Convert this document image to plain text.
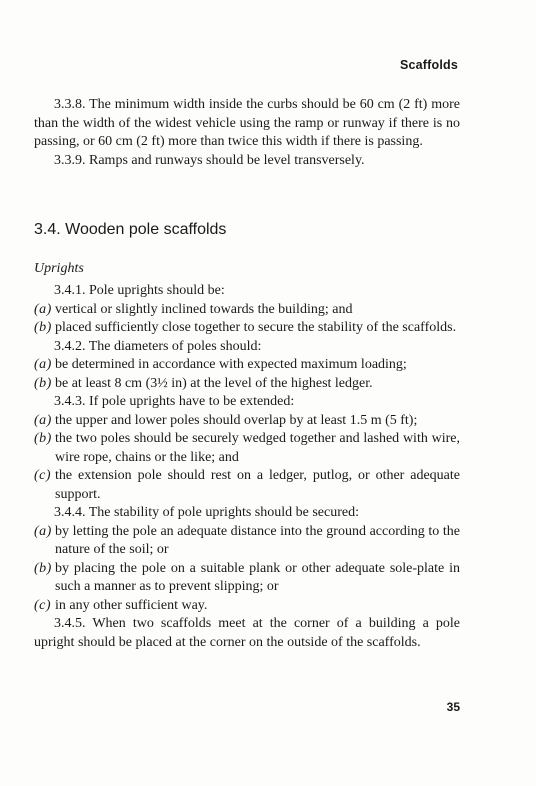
Scaffolds

3.3.8. The minimum width inside the curbs should be 60 cm (2 ft) more than the width of the widest vehicle using the ramp or runway if there is no passing, or 60 cm (2 ft) more than twice this width if there is passing.

3.3.9. Ramps and runways should be level transversely.

3.4. Wooden pole scaffolds
Uprights

3.4.1. Pole uprights should be:

(a) vertical or slightly inclined towards the building; and

(b) placed sufficiently close together to secure the stability of the scaffolds.

3.4.2. The diameters of poles should:

(a) be determined in accordance with expected maximum loading;

(b) be at least 8 cm (3½ in) at the level of the highest ledger.

3.4.3. If pole uprights have to be extended:

(a) the upper and lower poles should overlap by at least 1.5 m (5 ft);

(b) the two poles should be securely wedged together and lashed with wire, wire rope, chains or the like; and

(c) the extension pole should rest on a ledger, putlog, or other adequate support.

3.4.4. The stability of pole uprights should be secured:

(a) by letting the pole an adequate distance into the ground according to the nature of the soil; or

(b) by placing the pole on a suitable plank or other adequate sole-plate in such a manner as to prevent slipping; or

(c) in any other sufficient way.

3.4.5. When two scaffolds meet at the corner of a building a pole upright should be placed at the corner on the outside of the scaffolds.

35
